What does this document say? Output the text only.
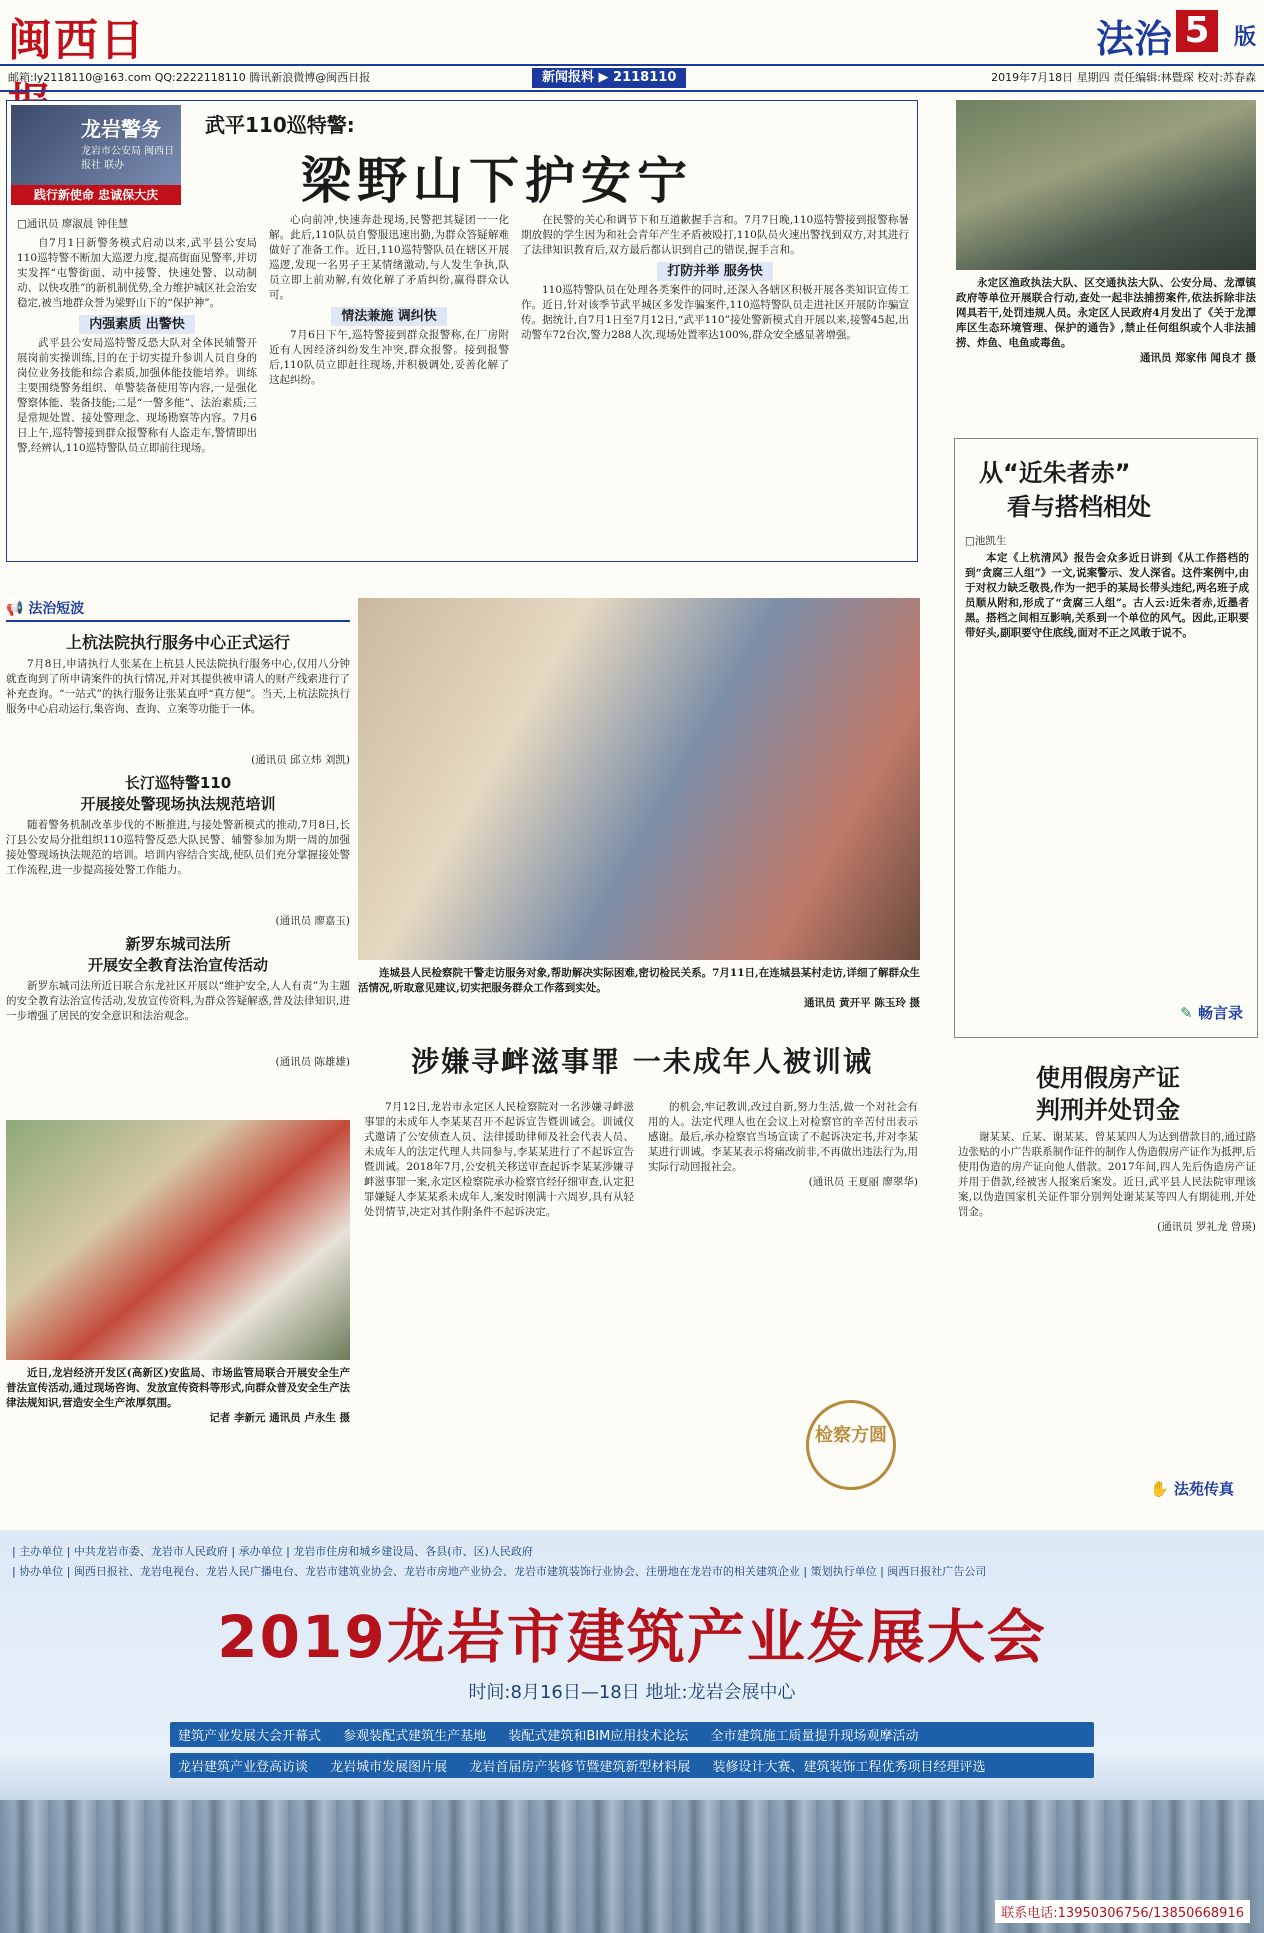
闽西日	法治 5	版
邮箱:ly2118110@163.com QQ:2222118110 腾讯新浪微博@闽西日报	新闻报料 ▶ 2118110	2019年7月18日 星期四 责任编辑:林暨琛 校对:苏春森
龙岩警务
龙岩市公安局 闽西日报社 联办
践行新使命 忠诚保大庆
武平110巡特警:
梁野山下护安宁
□通讯员 廖淑晨 钟佳慧

自7月1日新警务模式启动以来,武平县公安局110巡特警不断加大巡逻力度,提高街面见警率,并切实发挥“屯警街面、动中接警、快速处警、以动制动、以快攻胜”的新机制优势,全力维护城区社会治安稳定,被当地群众誉为梁野山下的“保护神”。

内强素质 出警快

武平县公安局巡特警反恐大队对全体民辅警开展岗前实操训练,目的在于切实提升参训人员自身的岗位业务技能和综合素质,加强体能技能培养。训练主要围绕警务组织、单警装备使用等内容,一是强化警察体能、装备技能;二是“一警多能”、法治素质;三是常规处置、接处警理念、现场勘察等内容。7月6日上午,巡特警接到群众报警称有人盗走车,警情即出警,经辨认,110巡特警队员立即前往现场。

心向前冲,快速奔赴现场,民警把其疑团一一化解。此后,110队员自警服迅速出勤,为群众答疑解难做好了准备工作。近日,110巡特警队员在辖区开展巡逻,发现一名男子王某情绪激动,与人发生争执,队员立即上前劝解,有效化解了矛盾纠纷,赢得群众认可。

情法兼施 调纠快

7月6日下午,巡特警接到群众报警称,在厂房附近有人因经济纠纷发生冲突,群众报警。接到报警后,110队员立即赶往现场,并积极调处,妥善化解了这起纠纷。

在民警的关心和调节下和互道歉握手言和。7月7日晚,110巡特警接到报警称暑期放假的学生因为和社会青年产生矛盾被殴打,110队员火速出警找到双方,对其进行了法律知识教育后,双方最后都认识到自己的错误,握手言和。

打防并举 服务快

110巡特警队员在处理各类案件的同时,还深入各辖区积极开展各类知识宣传工作。近日,针对该季节武平城区多发诈骗案件,110巡特警队员走进社区开展防诈骗宣传。据统计,自7月1日至7月12日,“武平110”接处警新模式自开展以来,接警45起,出动警车72台次,警力288人次,现场处置率达100%,群众安全感显著增强。

永定区渔政执法大队、区交通执法大队、公安分局、龙潭镇政府等单位开展联合行动,查处一起非法捕捞案件,依法拆除非法网具若干,处罚违规人员。永定区人民政府4月发出了《关于龙潭库区生态环境管理、保护的通告》,禁止任何组织或个人非法捕捞、炸鱼、电鱼或毒鱼。

通讯员 郑家伟 闻良才 摄

从“近朱者赤”
看与搭档相处
□池凯生
本定《上杭清风》报告会众多近日讲到《从工作搭档的到“贪腐三人组”》一文,说案警示、发人深省。这件案例中,由于对权力缺乏敬畏,作为一把手的某局长带头违纪,两名班子成员顺从附和,形成了“贪腐三人组”。古人云:近朱者赤,近墨者黑。搭档之间相互影响,关系到一个单位的风气。因此,正职要带好头,副职要守住底线,面对不正之风敢于说不。
✎ 畅言录
📢 法治短波
上杭法院执行服务中心正式运行
7月8日,申请执行人张某在上杭县人民法院执行服务中心,仅用八分钟就查询到了所申请案件的执行情况,并对其提供被申请人的财产线索进行了补充查询。“一站式”的执行服务让张某直呼“真方便”。当天,上杭法院执行服务中心启动运行,集咨询、查询、立案等功能于一体。
(通讯员 邱立炜 刘凯)
长汀巡特警110
开展接处警现场执法规范培训
随着警务机制改革步伐的不断推进,与接处警新模式的推动,7月8日,长汀县公安局分批组织110巡特警反恐大队民警、辅警参加为期一周的加强接处警现场执法规范的培训。培训内容结合实战,使队员们充分掌握接处警工作流程,进一步提高接处警工作能力。
(通讯员 廖嘉玉)
新罗东城司法所
开展安全教育法治宣传活动
新罗东城司法所近日联合东龙社区开展以“维护安全,人人有责”为主题的安全教育法治宣传活动,发放宣传资料,为群众答疑解惑,普及法律知识,进一步增强了居民的安全意识和法治观念。
(通讯员 陈雄雄)

连城县人民检察院干警走访服务对象,帮助解决实际困难,密切检民关系。7月11日,在连城县某村走访,详细了解群众生活情况,听取意见建议,切实把服务群众工作落到实处。

通讯员 黄开平 陈玉玲 摄

涉嫌寻衅滋事罪 一未成年人被训诫
7月12日,龙岩市永定区人民检察院对一名涉嫌寻衅滋事罪的未成年人李某某召开不起诉宣告暨训诫会。训诫仪式邀请了公安侦查人员、法律援助律师及社会代表人员、未成年人的法定代理人共同参与,李某某进行了不起诉宣告暨训诫。2018年7月,公安机关移送审查起诉李某某涉嫌寻衅滋事罪一案,永定区检察院承办检察官经仔细审查,认定犯罪嫌疑人李某某系未成年人,案发时刚满十六周岁,具有从轻处罚情节,决定对其作附条件不起诉决定。

的机会,牢记教训,改过自新,努力生活,做一个对社会有用的人。法定代理人也在会议上对检察官的辛苦付出表示感谢。最后,承办检察官当场宣读了不起诉决定书,并对李某某进行训诫。李某某表示将痛改前非,不再做出违法行为,用实际行动回报社会。

(通讯员 王夏丽 廖翠华)

检察方圆

近日,龙岩经济开发区(高新区)安监局、市场监管局联合开展安全生产普法宣传活动,通过现场咨询、发放宣传资料等形式,向群众普及安全生产法律法规知识,营造安全生产浓厚氛围。

记者 李新元 通讯员 卢永生 摄

使用假房产证
判刑并处罚金

谢某某、丘某、谢某某、曾某某四人为达到借款目的,通过路边张贴的小广告联系制作证件的制作人伪造假房产证作为抵押,后使用伪造的房产证向他人借款。2017年间,四人先后伪造房产证并用于借款,经被害人报案后案发。近日,武平县人民法院审理该案,以伪造国家机关证件罪分别判处谢某某等四人有期徒刑,并处罚金。

(通讯员 罗礼龙 曾瑛)

✋ 法苑传真
| 主办单位 | 中共龙岩市委、龙岩市人民政府 | 承办单位 | 龙岩市住房和城乡建设局、各县(市、区)人民政府
| 协办单位 | 闽西日报社、龙岩电视台、龙岩人民广播电台、龙岩市建筑业协会、龙岩市房地产业协会、龙岩市建筑装饰行业协会、注册地在龙岩市的相关建筑企业 | 策划执行单位 | 闽西日报社广告公司
2019龙岩市建筑产业发展大会
时间:8月16日—18日 地址:龙岩会展中心
建筑产业发展大会开幕式 参观装配式建筑生产基地 装配式建筑和BIM应用技术论坛 全市建筑施工质量提升现场观摩活动
龙岩建筑产业登高访谈 龙岩城市发展图片展 龙岩首届房产装修节暨建筑新型材料展 装修设计大赛、建筑装饰工程优秀项目经理评选
联系电话:13950306756/13850668916
